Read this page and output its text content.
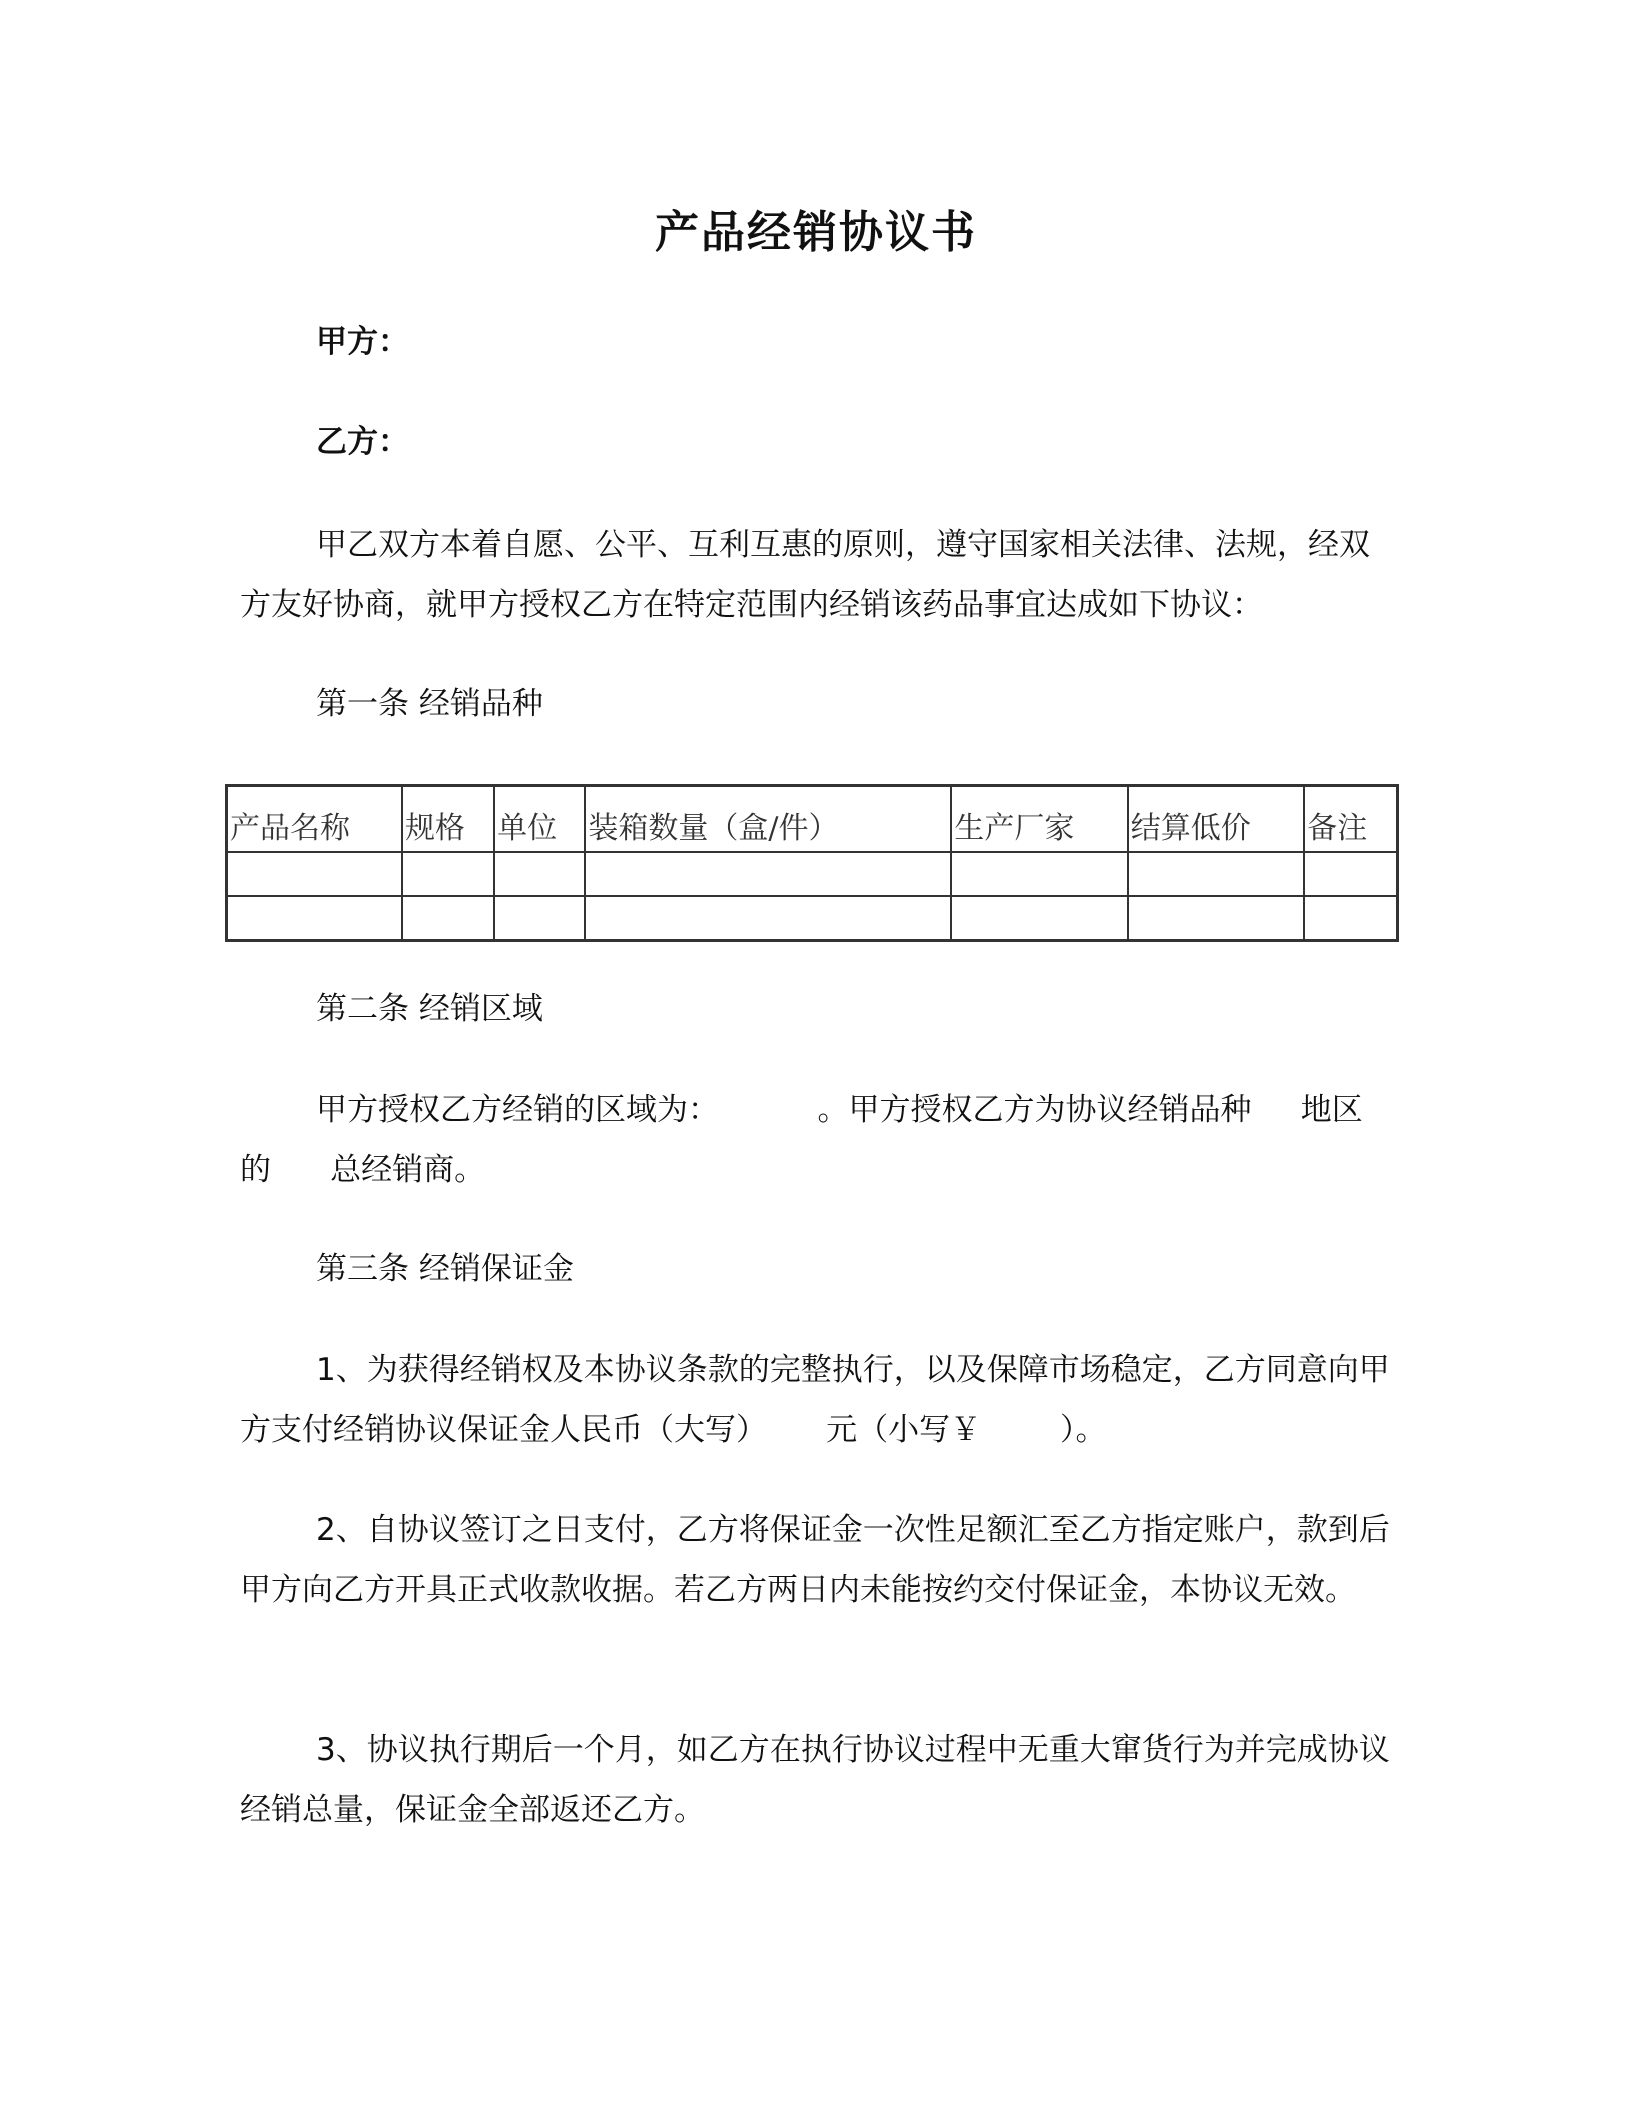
产品经销协议书
甲方：
乙方：
甲乙双方本着自愿、公平、互利互惠的原则，遵守国家相关法律、法规，经双方友好协商，就甲方授权乙方在特定范围内经销该药品事宜达成如下协议：
第一条 经销品种
产品名称	规格	单位	装箱数量（盒/件）	生产厂家	结算低价	备注

第二条 经销区域
甲方授权乙方经销的区域为：          。甲方授权乙方为协议经销品种     地区的      总经销商。
第三条 经销保证金
1、为获得经销权及本协议条款的完整执行，以及保障市场稳定，乙方同意向甲方支付经销协议保证金人民币（大写）      元（小写￥        ）。
2、自协议签订之日支付，乙方将保证金一次性足额汇至乙方指定账户，款到后甲方向乙方开具正式收款收据。若乙方两日内未能按约交付保证金，本协议无效。
3、协议执行期后一个月，如乙方在执行协议过程中无重大窜货行为并完成协议经销总量，保证金全部返还乙方。
